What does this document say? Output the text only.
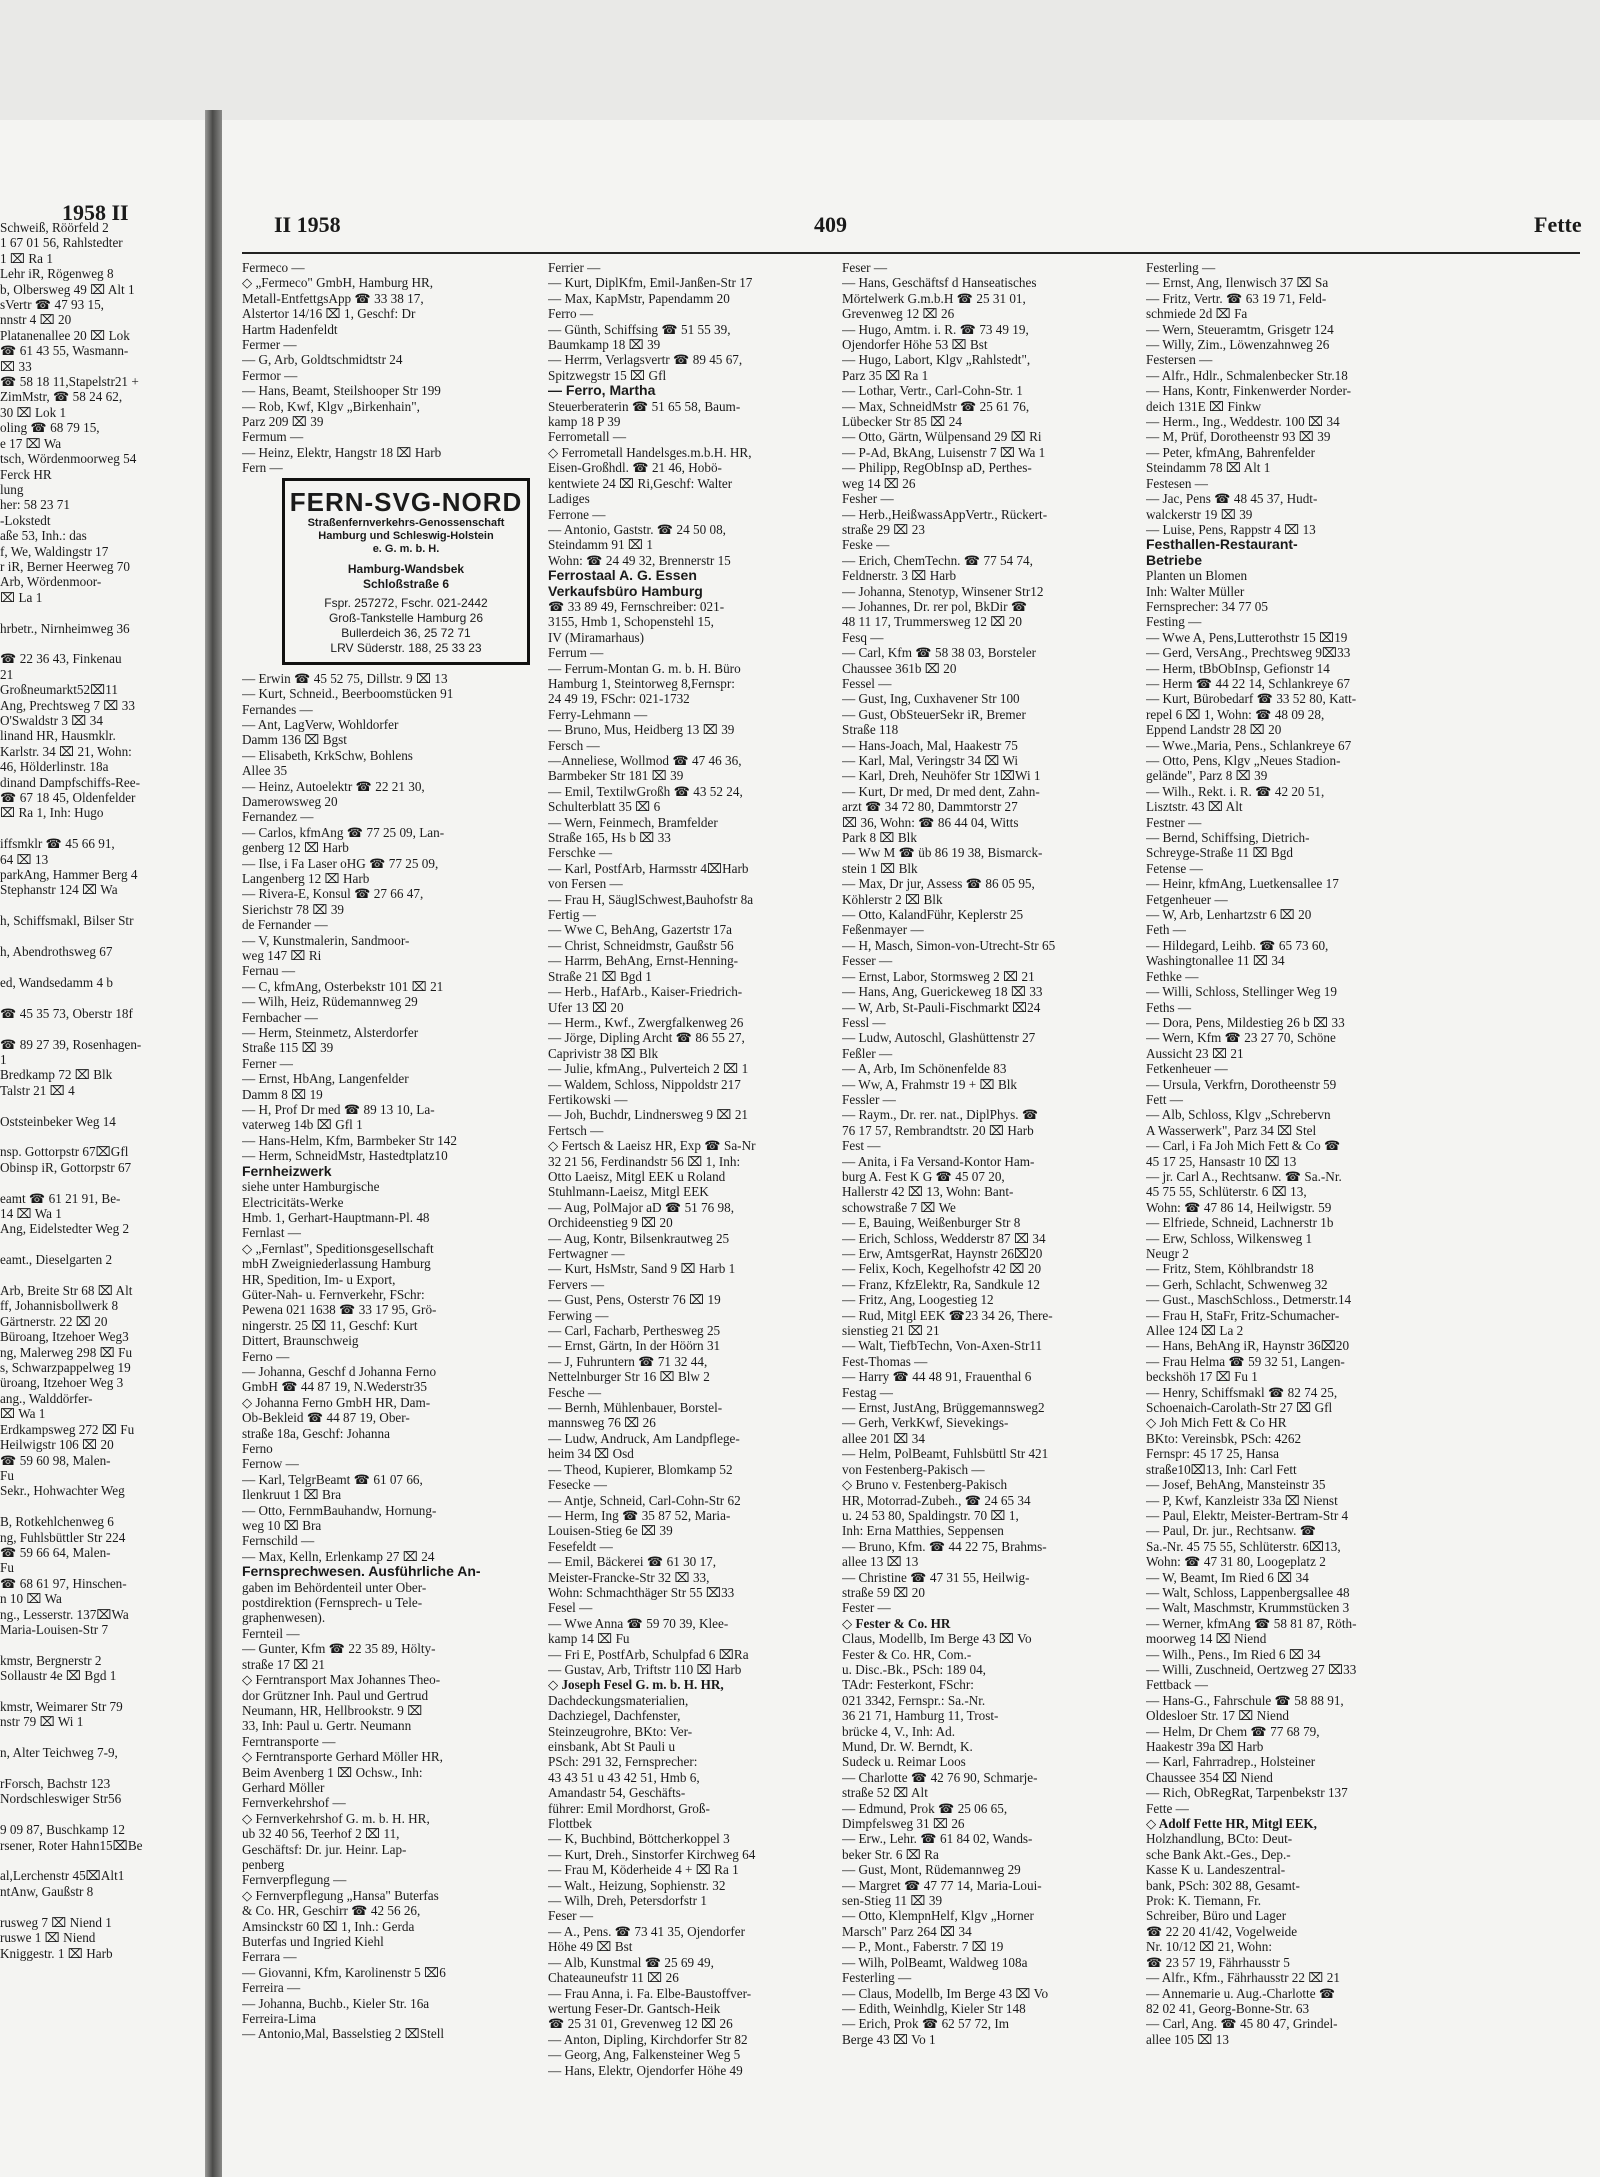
1958 II
Schweiß, Röörfeld 2
1 67 01 56, Rahlstedter
1 ⌧ Ra 1
Lehr iR, Rögenweg 8
b, Olbersweg 49 ⌧ Alt 1
sVertr ☎ 47 93 15,
nnstr 4 ⌧ 20
Platanenallee 20 ⌧ Lok
☎ 61 43 55, Wasmann-
⌧ 33
☎ 58 18 11,Stapelstr21 +
ZimMstr, ☎ 58 24 62,
30 ⌧ Lok 1
oling ☎ 68 79 15,
e 17 ⌧ Wa
tsch, Wördenmoorweg 54
Ferck HR
lung
her: 58 23 71
-Lokstedt
aße 53, Inh.: das
f, We, Waldingstr 17
r iR, Berner Heerweg 70
Arb, Wördenmoor-
⌧ La 1

hrbetr., Nirnheimweg 36

☎ 22 36 43, Finkenau
21
Großneumarkt52⌧11
Ang, Prechtsweg 7 ⌧ 33
O'Swaldstr 3 ⌧ 34
linand HR, Hausmklr.
Karlstr. 34 ⌧ 21, Wohn:
46, Hölderlinstr. 18a
dinand Dampfschiffs-Ree-
☎ 67 18 45, Oldenfelder
⌧ Ra 1, Inh: Hugo

iffsmklr ☎ 45 66 91,
64 ⌧ 13
parkAng, Hammer Berg 4
Stephanstr 124 ⌧ Wa

h, Schiffsmakl, Bilser Str

h, Abendrothsweg 67

ed, Wandsedamm 4 b

☎ 45 35 73, Oberstr 18f

☎ 89 27 39, Rosenhagen-
1
Bredkamp 72 ⌧ Blk
Talstr 21 ⌧ 4

Oststeinbeker Weg 14

nsp. Gottorpstr 67⌧Gfl
Obinsp iR, Gottorpstr 67

eamt ☎ 61 21 91, Be-
14 ⌧ Wa 1
Ang, Eidelstedter Weg 2

eamt., Dieselgarten 2

Arb, Breite Str 68 ⌧ Alt
ff, Johannisbollwerk 8
Gärtnerstr. 22 ⌧ 20
Büroang, Itzehoer Weg3
ng, Malerweg 298 ⌧ Fu
s, Schwarzpappelweg 19
üroang, Itzehoer Weg 3
ang., Walddörfer-
⌧ Wa 1
Erdkampsweg 272 ⌧ Fu
Heilwigstr 106 ⌧ 20
☎ 59 60 98, Malen-
Fu
Sekr., Hohwachter Weg

B, Rotkehlchenweg 6
ng, Fuhlsbüttler Str 224
☎ 59 66 64, Malen-
Fu
☎ 68 61 97, Hinschen-
n 10 ⌧ Wa
ng., Lesserstr. 137⌧Wa
Maria-Louisen-Str 7

kmstr, Bergnerstr 2
Sollaustr 4e ⌧ Bgd 1

kmstr, Weimarer Str 79
nstr 79 ⌧ Wi 1

n, Alter Teichweg 7-9,

rForsch, Bachstr 123
Nordschleswiger Str56

9 09 87, Buschkamp 12
rsener, Roter Hahn15⌧Be

al,Lerchenstr 45⌧Alt1
ntAnw, Gaußstr 8

rusweg 7 ⌧ Niend 1
ruswe 1 ⌧ Niend
Kniggestr. 1 ⌧ Harb
II 1958	409	Fette
Fermeco —
◇ „Fermeco" GmbH, Hamburg HR,
Metall-EntfettgsApp ☎ 33 38 17,
Alstertor 14/16 ⌧ 1, Geschf: Dr
Hartm Hadenfeldt
Fermer —
— G, Arb, Goldtschmidtstr 24
Fermor —
— Hans, Beamt, Steilshooper Str 199
— Rob, Kwf, Klgv „Birkenhain",
Parz 209 ⌧ 39
Fermum —
— Heinz, Elektr, Hangstr 18 ⌧ Harb
Fern —
FERN-SVG-NORD
Straßenfernverkehrs-Genossenschaft
Hamburg und Schleswig-Holstein
e. G. m. b. H.
Hamburg-Wandsbek
Schloßstraße 6
Fspr. 257272, Fschr. 021-2442
Groß-Tankstelle Hamburg 26
Bullerdeich 36, 25 72 71
LRV Süderstr. 188, 25 33 23
— Erwin ☎ 45 52 75, Dillstr. 9 ⌧ 13
— Kurt, Schneid., Beerboomstücken 91
Fernandes —
— Ant, LagVerw, Wohldorfer
Damm 136 ⌧ Bgst
— Elisabeth, KrkSchw, Bohlens
Allee 35
— Heinz, Autoelektr ☎ 22 21 30,
Damerowsweg 20
Fernandez —
— Carlos, kfmAng ☎ 77 25 09, Lan-
genberg 12 ⌧ Harb
— Ilse, i Fa Laser oHG ☎ 77 25 09,
Langenberg 12 ⌧ Harb
— Rivera-E, Konsul ☎ 27 66 47,
Sierichstr 78 ⌧ 39
de Fernander —
— V, Kunstmalerin, Sandmoor-
weg 147 ⌧ Ri
Fernau —
— C, kfmAng, Osterbekstr 101 ⌧ 21
— Wilh, Heiz, Rüdemannweg 29
Fernbacher —
— Herm, Steinmetz, Alsterdorfer
Straße 115 ⌧ 39
Ferner —
— Ernst, HbAng, Langenfelder
Damm 8 ⌧ 19
— H, Prof Dr med ☎ 89 13 10, La-
vaterweg 14b ⌧ Gfl 1
— Hans-Helm, Kfm, Barmbeker Str 142
— Herm, SchneidMstr, Hastedtplatz10
Fernheizwerk
siehe unter Hamburgische
Electricitäts-Werke
Hmb. 1, Gerhart-Hauptmann-Pl. 48
Fernlast —
◇ „Fernlast", Speditionsgesellschaft
mbH Zweigniederlassung Hamburg
HR, Spedition, Im- u Export,
Güter-Nah- u. Fernverkehr, FSchr:
Pewena 021 1638 ☎ 33 17 95, Grö-
ningerstr. 25 ⌧ 11, Geschf: Kurt
Dittert, Braunschweig
Ferno —
— Johanna, Geschf d Johanna Ferno
GmbH ☎ 44 87 19, N.Wederstr35
◇ Johanna Ferno GmbH HR, Dam-
Ob-Bekleid ☎ 44 87 19, Ober-
straße 18a, Geschf: Johanna
Ferno
Fernow —
— Karl, TelgrBeamt ☎ 61 07 66,
Ilenkruut 1 ⌧ Bra
— Otto, FernmBauhandw, Hornung-
weg 10 ⌧ Bra
Fernschild —
— Max, Kelln, Erlenkamp 27 ⌧ 24
Fernsprechwesen. Ausführliche An-
gaben im Behördenteil unter Ober-
postdirektion (Fernsprech- u Tele-
graphenwesen).
Fernteil —
— Gunter, Kfm ☎ 22 35 89, Hölty-
straße 17 ⌧ 21
◇ Ferntransport Max Johannes Theo-
dor Grützner Inh. Paul und Gertrud
Neumann, HR, Hellbrookstr. 9 ⌧
33, Inh: Paul u. Gertr. Neumann
Ferntransporte —
◇ Ferntransporte Gerhard Möller HR,
Beim Avenberg 1 ⌧ Ochsw., Inh:
Gerhard Möller
Fernverkehrshof —
◇ Fernverkehrshof G. m. b. H. HR,
ub 32 40 56, Teerhof 2 ⌧ 11,
Geschäftsf: Dr. jur. Heinr. Lap-
penberg
Fernverpflegung —
◇ Fernverpflegung „Hansa" Buterfas
& Co. HR, Geschirr ☎ 42 56 26,
Amsinckstr 60 ⌧ 1, Inh.: Gerda
Buterfas und Ingried Kiehl
Ferrara —
— Giovanni, Kfm, Karolinenstr 5 ⌧6
Ferreira —
— Johanna, Buchb., Kieler Str. 16a
Ferreira-Lima
— Antonio,Mal, Basselstieg 2 ⌧Stell
Ferrier —
— Kurt, DiplKfm, Emil-Janßen-Str 17
— Max, KapMstr, Papendamm 20
Ferro —
— Günth, Schiffsing ☎ 51 55 39,
Baumkamp 18 ⌧ 39
— Herrm, Verlagsvertr ☎ 89 45 67,
Spitzwegstr 15 ⌧ Gfl
— Ferro, Martha
Steuerberaterin ☎ 51 65 58, Baum-
kamp 18 P 39
Ferrometall —
◇ Ferrometall Handelsges.m.b.H. HR,
Eisen-Großhdl. ☎ 21 46, Hobö-
kentwiete 24 ⌧ Ri,Geschf: Walter
Ladiges
Ferrone —
— Antonio, Gaststr. ☎ 24 50 08,
Steindamm 91 ⌧ 1
Wohn: ☎ 24 49 32, Brennerstr 15
Ferrostaal A. G. Essen
Verkaufsbüro Hamburg
☎ 33 89 49, Fernschreiber: 021-
3155, Hmb 1, Schopenstehl 15,
IV (Miramarhaus)
Ferrum —
— Ferrum-Montan G. m. b. H. Büro
Hamburg 1, Steintorweg 8,Fernspr:
24 49 19, FSchr: 021-1732
Ferry-Lehmann —
— Bruno, Mus, Heidberg 13 ⌧ 39
Fersch —
—Anneliese, Wollmod ☎ 47 46 36,
Barmbeker Str 181 ⌧ 39
— Emil, TextilwGroßh ☎ 43 52 24,
Schulterblatt 35 ⌧ 6
— Wern, Feinmech, Bramfelder
Straße 165, Hs b ⌧ 33
Ferschke —
— Karl, PostfArb, Harmsstr 4⌧Harb
von Fersen —
— Frau H, SäuglSchwest,Bauhofstr 8a
Fertig —
— Wwe C, BehAng, Gazertstr 17a
— Christ, Schneidmstr, Gaußstr 56
— Harrm, BehAng, Ernst-Henning-
Straße 21 ⌧ Bgd 1
— Herb., HafArb., Kaiser-Friedrich-
Ufer 13 ⌧ 20
— Herm., Kwf., Zwergfalkenweg 26
— Jörge, Dipling Archt ☎ 86 55 27,
Caprivistr 38 ⌧ Blk
— Julie, kfmAng., Pulverteich 2 ⌧ 1
— Waldem, Schloss, Nippoldstr 217
Fertikowski —
— Joh, Buchdr, Lindnersweg 9 ⌧ 21
Fertsch —
◇ Fertsch & Laeisz HR, Exp ☎ Sa-Nr
32 21 56, Ferdinandstr 56 ⌧ 1, Inh:
Otto Laeisz, Mitgl EEK u Roland
Stuhlmann-Laeisz, Mitgl EEK
— Aug, PolMajor aD ☎ 51 76 98,
Orchideenstieg 9 ⌧ 20
— Aug, Kontr, Bilsenkrautweg 25
Fertwagner —
— Kurt, HsMstr, Sand 9 ⌧ Harb 1
Fervers —
— Gust, Pens, Osterstr 76 ⌧ 19
Ferwing —
— Carl, Facharb, Perthesweg 25
— Ernst, Gärtn, In der Höörn 31
— J, Fuhruntern ☎ 71 32 44,
Nettelnburger Str 16 ⌧ Blw 2
Fesche —
— Bernh, Mühlenbauer, Borstel-
mannsweg 76 ⌧ 26
— Ludw, Andruck, Am Landpflege-
heim 34 ⌧ Osd
— Theod, Kupierer, Blomkamp 52
Fesecke —
— Antje, Schneid, Carl-Cohn-Str 62
— Herm, Ing ☎ 35 87 52, Maria-
Louisen-Stieg 6e ⌧ 39
Fesefeldt —
— Emil, Bäckerei ☎ 61 30 17,
Meister-Francke-Str 32 ⌧ 33,
Wohn: Schmachthäger Str 55 ⌧33
Fesel —
— Wwe Anna ☎ 59 70 39, Klee-
kamp 14 ⌧ Fu
— Fri E, PostfArb, Schulpfad 6 ⌧Ra
— Gustav, Arb, Triftstr 110 ⌧ Harb
◇ Joseph Fesel G. m. b. H. HR,
Dachdeckungsmaterialien,
Dachziegel, Dachfenster,
Steinzeugrohre, BKto: Ver-
einsbank, Abt St Pauli u
PSch: 291 32, Fernsprecher:
43 43 51 u 43 42 51, Hmb 6,
Amandastr 54, Geschäfts-
führer: Emil Mordhorst, Groß-
Flottbek
— K, Buchbind, Böttcherkoppel 3
— Kurt, Dreh., Sinstorfer Kirchweg 64
— Frau M, Köderheide 4 + ⌧ Ra 1
— Walt., Heizung, Sophienstr. 32
— Wilh, Dreh, Petersdorfstr 1
Feser —
— A., Pens. ☎ 73 41 35, Ojendorfer
Höhe 49 ⌧ Bst
— Alb, Kunstmal ☎ 25 69 49,
Chateauneufstr 11 ⌧ 26
— Frau Anna, i. Fa. Elbe-Baustoffver-
wertung Feser-Dr. Gantsch-Heik
☎ 25 31 01, Grevenweg 12 ⌧ 26
— Anton, Dipling, Kirchdorfer Str 82
— Georg, Ang, Falkensteiner Weg 5
— Hans, Elektr, Ojendorfer Höhe 49
Feser —
— Hans, Geschäftsf d Hanseatisches
Mörtelwerk G.m.b.H ☎ 25 31 01,
Grevenweg 12 ⌧ 26
— Hugo, Amtm. i. R. ☎ 73 49 19,
Ojendorfer Höhe 53 ⌧ Bst
— Hugo, Labort, Klgv „Rahlstedt",
Parz 35 ⌧ Ra 1
— Lothar, Vertr., Carl-Cohn-Str. 1
— Max, SchneidMstr ☎ 25 61 76,
Lübecker Str 85 ⌧ 24
— Otto, Gärtn, Wülpensand 29 ⌧ Ri
— P-Ad, BkAng, Luisenstr 7 ⌧ Wa 1
— Philipp, RegObInsp aD, Perthes-
weg 14 ⌧ 26
Fesher —
— Herb.,HeißwassAppVertr., Rückert-
straße 29 ⌧ 23
Feske —
— Erich, ChemTechn. ☎ 77 54 74,
Feldnerstr. 3 ⌧ Harb
— Johanna, Stenotyp, Winsener Str12
— Johannes, Dr. rer pol, BkDir ☎
48 11 17, Trummersweg 12 ⌧ 20
Fesq —
— Carl, Kfm ☎ 58 38 03, Borsteler
Chaussee 361b ⌧ 20
Fessel —
— Gust, Ing, Cuxhavener Str 100
— Gust, ObSteuerSekr iR, Bremer
Straße 118
— Hans-Joach, Mal, Haakestr 75
— Karl, Mal, Veringstr 34 ⌧ Wi
— Karl, Dreh, Neuhöfer Str 1⌧Wi 1
— Kurt, Dr med, Dr med dent, Zahn-
arzt ☎ 34 72 80, Dammtorstr 27
⌧ 36, Wohn: ☎ 86 44 04, Witts
Park 8 ⌧ Blk
— Ww M ☎ üb 86 19 38, Bismarck-
stein 1 ⌧ Blk
— Max, Dr jur, Assess ☎ 86 05 95,
Köhlerstr 2 ⌧ Blk
— Otto, KalandFühr, Keplerstr 25
Feßenmayer —
— H, Masch, Simon-von-Utrecht-Str 65
Fesser —
— Ernst, Labor, Stormsweg 2 ⌧ 21
— Hans, Ang, Guerickeweg 18 ⌧ 33
— W, Arb, St-Pauli-Fischmarkt ⌧24
Fessl —
— Ludw, Autoschl, Glashüttenstr 27
Feßler —
— A, Arb, Im Schönenfelde 83
— Ww, A, Frahmstr 19 + ⌧ Blk
Fessler —
— Raym., Dr. rer. nat., DiplPhys. ☎
76 17 57, Rembrandtstr. 20 ⌧ Harb
Fest —
— Anita, i Fa Versand-Kontor Ham-
burg A. Fest K G ☎ 45 07 20,
Hallerstr 42 ⌧ 13, Wohn: Bant-
schowstraße 7 ⌧ We
— E, Bauing, Weißenburger Str 8
— Erich, Schloss, Wedderstr 87 ⌧ 34
— Erw, AmtsgerRat, Haynstr 26⌧20
— Felix, Koch, Kegelhofstr 42 ⌧ 20
— Franz, KfzElektr, Ra, Sandkule 12
— Fritz, Ang, Loogestieg 12
— Rud, Mitgl EEK ☎23 34 26, There-
sienstieg 21 ⌧ 21
— Walt, TiefbTechn, Von-Axen-Str11
Fest-Thomas —
— Harry ☎ 44 48 91, Frauenthal 6
Festag —
— Ernst, JustAng, Brüggemannsweg2
— Gerh, VerkKwf, Sievekings-
allee 201 ⌧ 34
— Helm, PolBeamt, Fuhlsbüttl Str 421
von Festenberg-Pakisch —
◇ Bruno v. Festenberg-Pakisch
HR, Motorrad-Zubeh., ☎ 24 65 34
u. 24 53 80, Spaldingstr. 70 ⌧ 1,
Inh: Erna Matthies, Seppensen
— Bruno, Kfm. ☎ 44 22 75, Brahms-
allee 13 ⌧ 13
— Christine ☎ 47 31 55, Heilwig-
straße 59 ⌧ 20
Fester —
◇ Fester & Co. HR
Claus, Modellb, Im Berge 43 ⌧ Vo
Fester & Co. HR, Com.-
u. Disc.-Bk., PSch: 189 04,
TAdr: Festerkont, FSchr:
021 3342, Fernspr.: Sa.-Nr.
36 21 71, Hamburg 11, Trost-
brücke 4, V., Inh: Ad.
Mund, Dr. W. Berndt, K.
Sudeck u. Reimar Loos
— Charlotte ☎ 42 76 90, Schmarje-
straße 52 ⌧ Alt
— Edmund, Prok ☎ 25 06 65,
Dimpfelsweg 31 ⌧ 26
— Erw., Lehr. ☎ 61 84 02, Wands-
beker Str. 6 ⌧ Ra
— Gust, Mont, Rüdemannweg 29
— Margret ☎ 47 77 14, Maria-Loui-
sen-Stieg 11 ⌧ 39
— Otto, KlempnHelf, Klgv „Horner
Marsch" Parz 264 ⌧ 34
— P., Mont., Faberstr. 7 ⌧ 19
— Wilh, PolBeamt, Waldweg 108a
Festerling —
— Claus, Modellb, Im Berge 43 ⌧ Vo
— Edith, Weinhdlg, Kieler Str 148
— Erich, Prok ☎ 62 57 72, Im
Berge 43 ⌧ Vo 1
Festerling —
— Ernst, Ang, Ilenwisch 37 ⌧ Sa
— Fritz, Vertr. ☎ 63 19 71, Feld-
schmiede 2d ⌧ Fa
— Wern, Steueramtm, Grisgetr 124
— Willy, Zim., Löwenzahnweg 26
Festersen —
— Alfr., Hdlr., Schmalenbecker Str.18
— Hans, Kontr, Finkenwerder Norder-
deich 131E ⌧ Finkw
— Herm., Ing., Weddestr. 100 ⌧ 34
— M, Prüf, Dorotheenstr 93 ⌧ 39
— Peter, kfmAng, Bahrenfelder
Steindamm 78 ⌧ Alt 1
Festesen —
— Jac, Pens ☎ 48 45 37, Hudt-
walckerstr 19 ⌧ 39
— Luise, Pens, Rappstr 4 ⌧ 13
Festhallen-Restaurant-
Betriebe
Planten un Blomen
Inh: Walter Müller
Fernsprecher: 34 77 05
Festing —
— Wwe A, Pens,Lutterothstr 15 ⌧19
— Gerd, VersAng., Prechtsweg 9⌧33
— Herm, tBbObInsp, Gefionstr 14
— Herm ☎ 44 22 14, Schlankreye 67
— Kurt, Bürobedarf ☎ 33 52 80, Katt-
repel 6 ⌧ 1, Wohn: ☎ 48 09 28,
Eppend Landstr 28 ⌧ 20
— Wwe.,Maria, Pens., Schlankreye 67
— Otto, Pens, Klgv „Neues Stadion-
gelände", Parz 8 ⌧ 39
— Wilh., Rekt. i. R. ☎ 42 20 51,
Lisztstr. 43 ⌧ Alt
Festner —
— Bernd, Schiffsing, Dietrich-
Schreyge-Straße 11 ⌧ Bgd
Fetense —
— Heinr, kfmAng, Luetkensallee 17
Fetgenheuer —
— W, Arb, Lenhartzstr 6 ⌧ 20
Feth —
— Hildegard, Leihb. ☎ 65 73 60,
Washingtonallee 11 ⌧ 34
Fethke —
— Willi, Schloss, Stellinger Weg 19
Feths —
— Dora, Pens, Mildestieg 26 b ⌧ 33
— Wern, Kfm ☎ 23 27 70, Schöne
Aussicht 23 ⌧ 21
Fetkenheuer —
— Ursula, Verkfrn, Dorotheenstr 59
Fett —
— Alb, Schloss, Klgv „Schrebervn
A Wasserwerk", Parz 34 ⌧ Stel
— Carl, i Fa Joh Mich Fett & Co ☎
45 17 25, Hansastr 10 ⌧ 13
— jr. Carl A., Rechtsanw. ☎ Sa.-Nr.
45 75 55, Schlüterstr. 6 ⌧ 13,
Wohn: ☎ 47 86 14, Heilwigstr. 59
— Elfriede, Schneid, Lachnerstr 1b
— Erw, Schloss, Wilkensweg 1
Neugr 2
— Fritz, Stem, Köhlbrandstr 18
— Gerh, Schlacht, Schwenweg 32
— Gust., MaschSchloss., Detmerstr.14
— Frau H, StaFr, Fritz-Schumacher-
Allee 124 ⌧ La 2
— Hans, BehAng iR, Haynstr 36⌧20
— Frau Helma ☎ 59 32 51, Langen-
beckshöh 17 ⌧ Fu 1
— Henry, Schiffsmakl ☎ 82 74 25,
Schoenaich-Carolath-Str 27 ⌧ Gfl
◇ Joh Mich Fett & Co HR
BKto: Vereinsbk, PSch: 4262
Fernspr: 45 17 25, Hansa
straße10⌧13, Inh: Carl Fett
— Josef, BehAng, Mansteinstr 35
— P, Kwf, Kanzleistr 33a ⌧ Nienst
— Paul, Elektr, Meister-Bertram-Str 4
— Paul, Dr. jur., Rechtsanw. ☎
Sa.-Nr. 45 75 55, Schlüterstr. 6⌧13,
Wohn: ☎ 47 31 80, Loogeplatz 2
— W, Beamt, Im Ried 6 ⌧ 34
— Walt, Schloss, Lappenbergsallee 48
— Walt, Maschmstr, Krummstücken 3
— Werner, kfmAng ☎ 58 81 87, Röth-
moorweg 14 ⌧ Niend
— Wilh., Pens., Im Ried 6 ⌧ 34
— Willi, Zuschneid, Oertzweg 27 ⌧33
Fettback —
— Hans-G., Fahrschule ☎ 58 88 91,
Oldesloer Str. 17 ⌧ Niend
— Helm, Dr Chem ☎ 77 68 79,
Haakestr 39a ⌧ Harb
— Karl, Fahrradrep., Holsteiner
Chaussee 354 ⌧ Niend
— Rich, ObRegRat, Tarpenbekstr 137
Fette —
◇ Adolf Fette HR, Mitgl EEK,
Holzhandlung, BCto: Deut-
sche Bank Akt.-Ges., Dep.-
Kasse K u. Landeszentral-
bank, PSch: 302 88, Gesamt-
Prok: K. Tiemann, Fr.
Schreiber, Büro und Lager
☎ 22 20 41/42, Vogelweide
Nr. 10/12 ⌧ 21, Wohn:
☎ 23 57 19, Fährhausstr 5
— Alfr., Kfm., Fährhausstr 22 ⌧ 21
— Annemarie u. Aug.-Charlotte ☎
82 02 41, Georg-Bonne-Str. 63
— Carl, Ang. ☎ 45 80 47, Grindel-
allee 105 ⌧ 13
